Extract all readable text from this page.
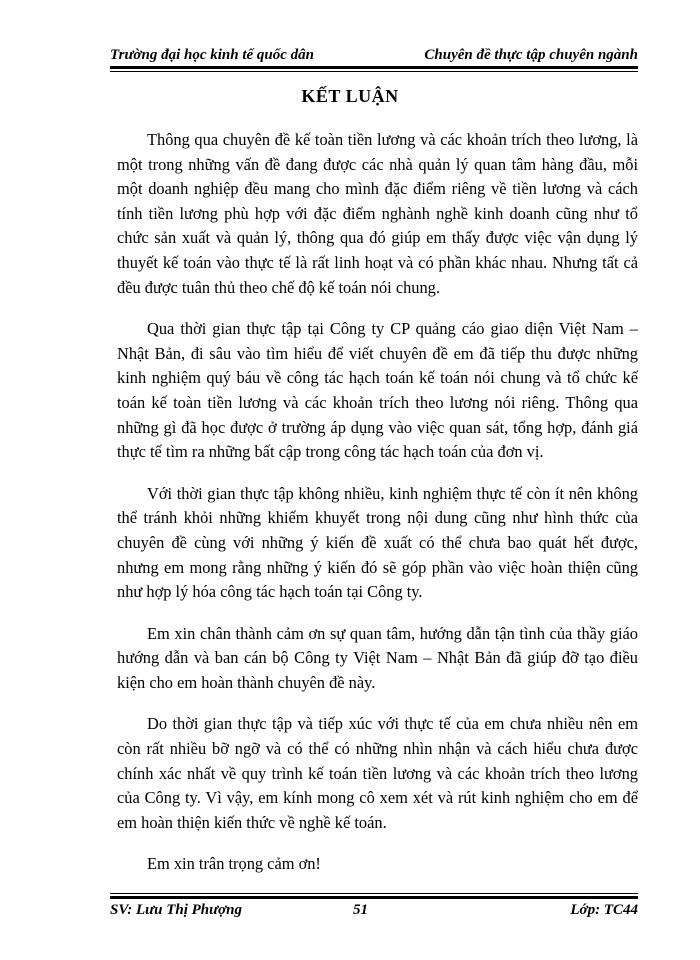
Trường đại học kinh tế quốc dân	Chuyên đề thực tập chuyên ngành
KẾT LUẬN

Thông qua chuyên đề kế toàn tiền lương và các khoản trích theo lương, là một trong những vấn đề đang được các nhà quản lý quan tâm hàng đầu, mỗi một doanh nghiệp đều mang cho mình đặc điểm riêng về tiền lương và cách tính tiền lương phù hợp với đặc điểm nghành nghề kinh doanh cũng như tổ chức sản xuất và quản lý, thông qua đó giúp em thấy được việc vận dụng lý thuyết kế toán vào thực tế là rất linh hoạt và có phần khác nhau. Nhưng tất cả đều được tuân thủ theo chế độ kế toán nói chung.

Qua thời gian thực tập tại Công ty CP quảng cáo giao diện Việt Nam – Nhật Bản, đi sâu vào tìm hiểu để viết chuyên đề em đã tiếp thu được những kinh nghiệm quý báu về công tác hạch toán kế toán nói chung và tổ chức kế toán kế toàn tiền lương và các khoản trích theo lương nói riêng. Thông qua những gì đã học được ở trường áp dụng vào việc quan sát, tổng hợp, đánh giá thực tế tìm ra những bất cập trong công tác hạch toán của đơn vị.

Với thời gian thực tập không nhiều, kinh nghiệm thực tế còn ít nên không thể tránh khỏi những khiếm khuyết trong nội dung cũng như hình thức của chuyên đề cùng với những ý kiến đề xuất có thể chưa bao quát hết được, nhưng em mong rằng những ý kiến đó sẽ góp phần vào việc hoàn thiện cũng như hợp lý hóa công tác hạch toán tại Công ty.

Em xin chân thành cảm ơn sự quan tâm, hướng dẫn tận tình của thầy giáo hướng dẫn và ban cán bộ Công ty Việt Nam – Nhật Bản đã giúp đỡ tạo điều kiện cho em hoàn thành chuyên đề này.

Do thời gian thực tập và tiếp xúc với thực tế của em chưa nhiều nên em còn rất nhiều bỡ ngỡ và có thể có những nhìn nhận và cách hiểu chưa được chính xác nhất về quy trình kế toán tiền lương và các khoản trích theo lương của Công ty. Vì vậy, em kính mong cô xem xét và rút kinh nghiệm cho em để em hoàn thiện kiến thức về nghề kế toán.

Em xin trân trọng cảm ơn!

SV: Lưu Thị Phượng	51	Lớp: TC44
